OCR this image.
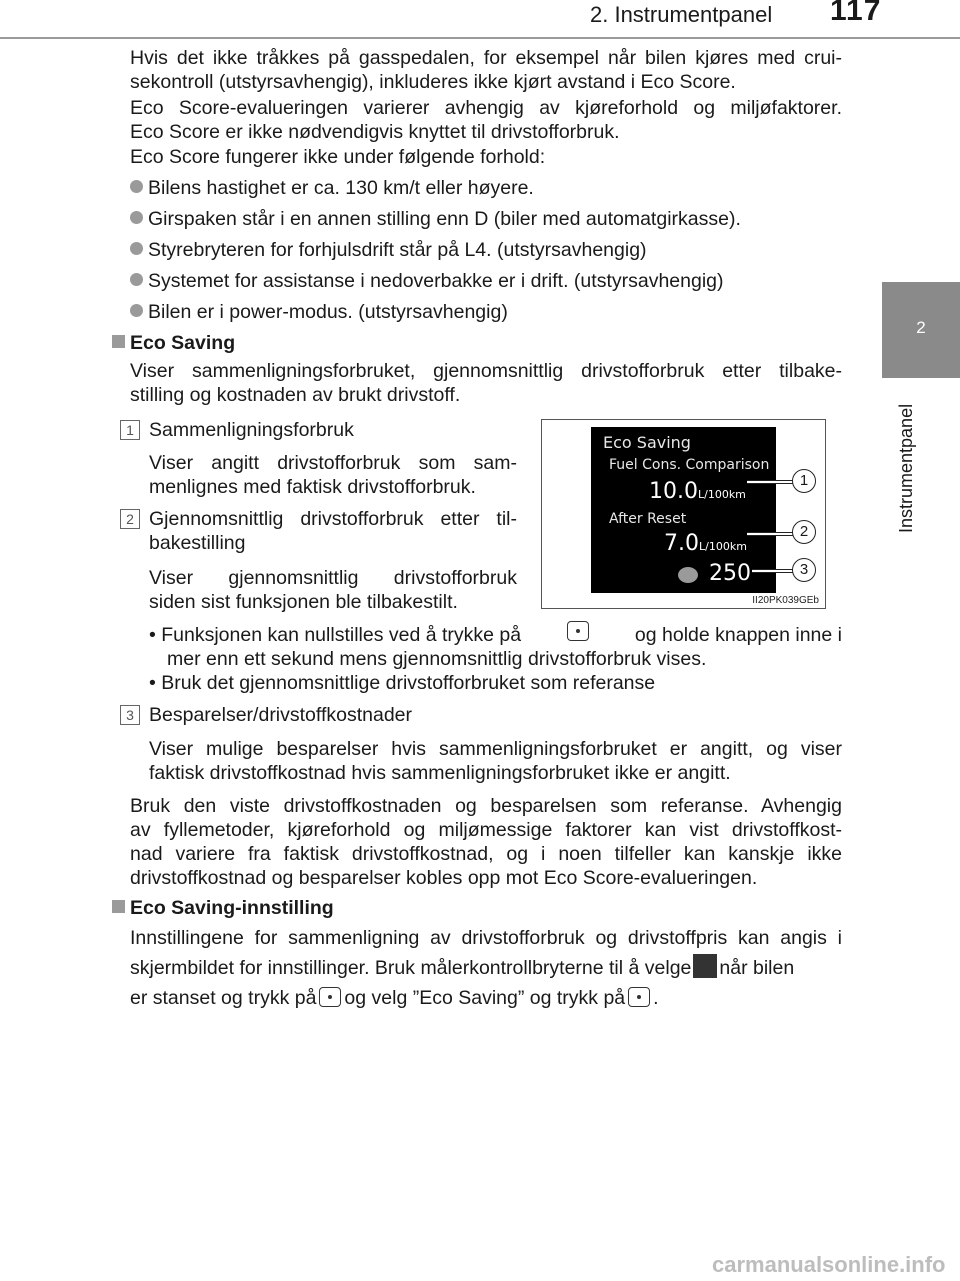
2. Instrumentpanel 117
2
Instrumentpanel

Hvis det ikke tråkkes på gasspedalen, for eksempel når bilen kjøres med crui-

sekontroll (utstyrsavhengig), inkluderes ikke kjørt avstand i Eco Score.

Eco Score-evalueringen varierer avhengig av kjøreforhold og miljøfaktorer.

Eco Score er ikke nødvendigvis knyttet til drivstofforbruk.

Eco Score fungerer ikke under følgende forhold:

Bilens hastighet er ca. 130 km/t eller høyere.

Girspaken står i en annen stilling enn D (biler med automatgirkasse).

Styrebryteren for forhjulsdrift står på L4. (utstyrsavhengig)

Systemet for assistanse i nedoverbakke er i drift. (utstyrsavhengig)

Bilen er i power-modus. (utstyrsavhengig)

Eco Saving

Viser sammenligningsforbruket, gjennomsnittlig drivstofforbruk etter tilbake-

stilling og kostnaden av brukt drivstoff.

1 Sammenligningsforbruk

Viser angitt drivstofforbruk som sam-

menlignes med faktisk drivstofforbruk.

2 Gjennomsnittlig drivstofforbruk etter til-

bakestilling

Viser gjennomsnittlig drivstofforbruk

siden sist funksjonen ble tilbakestilt.

• Funksjonen kan nullstilles ved å trykke på	og holde knappen inne i

mer enn ett sekund mens gjennomsnittlig drivstofforbruk vises.

• Bruk det gjennomsnittlige drivstofforbruket som referanse

3 Besparelser/drivstoffkostnader

Viser mulige besparelser hvis sammenligningsforbruket er angitt, og viser

faktisk drivstoffkostnad hvis sammenligningsforbruket ikke er angitt.

Bruk den viste drivstoffkostnaden og besparelsen som referanse. Avhengig

av fyllemetoder, kjøreforhold og miljømessige faktorer kan vist drivstoffkost-

nad variere fra faktisk drivstoffkostnad, og i noen tilfeller kan kanskje ikke

drivstoffkostnad og besparelser kobles opp mot Eco Score-evalueringen.

Eco Saving-innstilling

Innstillingene for sammenligning av drivstofforbruk og drivstoffpris kan angis i

skjermbildet for innstillinger. Bruk målerkontrollbryterne til å velge når bilen

er stanset og trykk på og velg ”Eco Saving” og trykk på .

Eco Saving
Fuel Cons. Comparison
10.0L/100km
After Reset
7.0L/100km
250
1
2
3
II20PK039GEb
carmanualsonline.info
